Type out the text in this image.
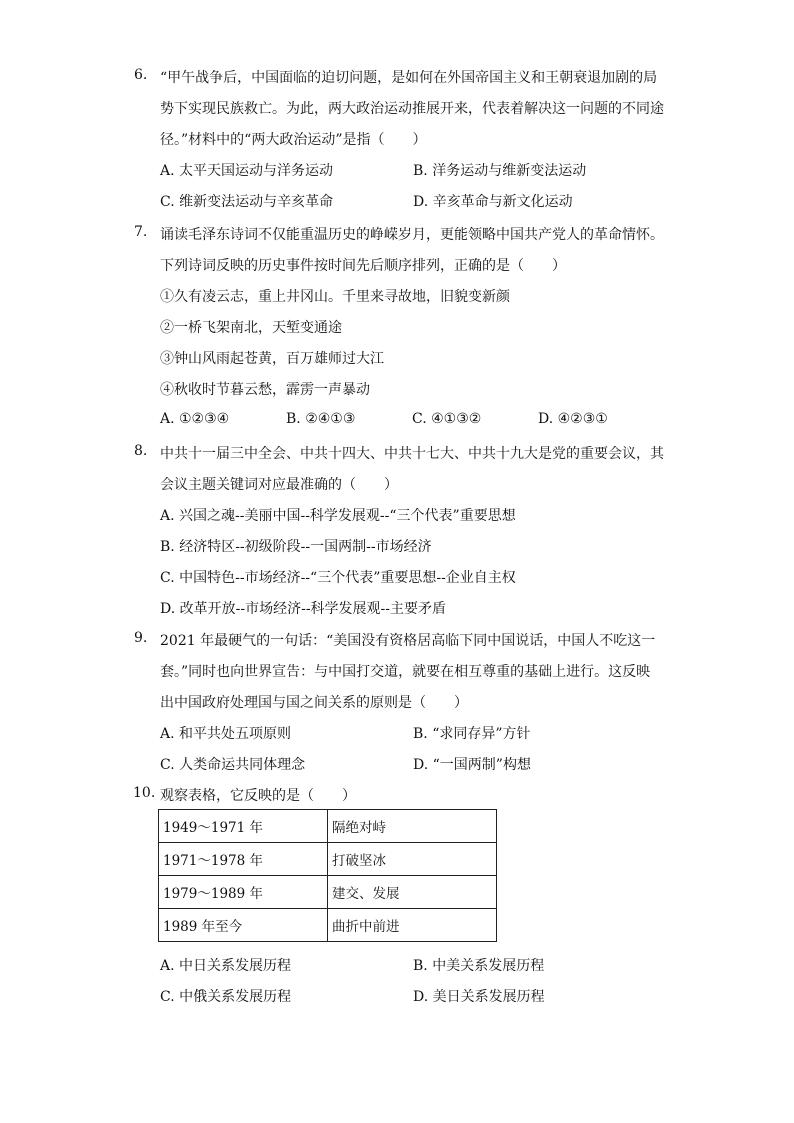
6. “甲午战争后，中国面临的迫切问题，是如何在外国帝国主义和王朝衰退加剧的局
势下实现民族救亡。为此，两大政治运动推展开来，代表着解决这一问题的不同途
径。”材料中的“两大政治运动”是指（　　）
A. 太平天国运动与洋务运动	B. 洋务运动与维新变法运动
C. 维新变法运动与辛亥革命	D. 辛亥革命与新文化运动
7. 诵读毛泽东诗词不仅能重温历史的峥嵘岁月，更能领略中国共产党人的革命情怀。
下列诗词反映的历史事件按时间先后顺序排列，正确的是（　　）
①久有凌云志，重上井冈山。千里来寻故地，旧貌变新颜
②一桥飞架南北，天堑变通途
③钟山风雨起苍黄，百万雄师过大江
④秋收时节暮云愁，霹雳一声暴动
A. ①②③④	B. ②④①③	C. ④①③②	D. ④②③①
8. 中共十一届三中全会、中共十四大、中共十七大、中共十九大是党的重要会议，其
会议主题关键词对应最准确的（　　）
A. 兴国之魂--美丽中国--科学发展观--“三个代表”重要思想
B. 经济特区--初级阶段--一国两制--市场经济
C. 中国特色--市场经济--“三个代表”重要思想--企业自主权
D. 改革开放--市场经济--科学发展观--主要矛盾
9. 2021 年最硬气的一句话：“美国没有资格居高临下同中国说话，中国人不吃这一
套。”同时也向世界宣告：与中国打交道，就要在相互尊重的基础上进行。这反映
出中国政府处理国与国之间关系的原则是（　　）
A. 和平共处五项原则	B. “求同存异”方针
C. 人类命运共同体理念	D. “一国两制”构想
10. 观察表格，它反映的是（　　）
1949～1971 年	隔绝对峙
1971～1978 年	打破坚冰
1979～1989 年	建交、发展
1989 年至今	曲折中前进
A. 中日关系发展历程	B. 中美关系发展历程
C. 中俄关系发展历程	D. 美日关系发展历程
